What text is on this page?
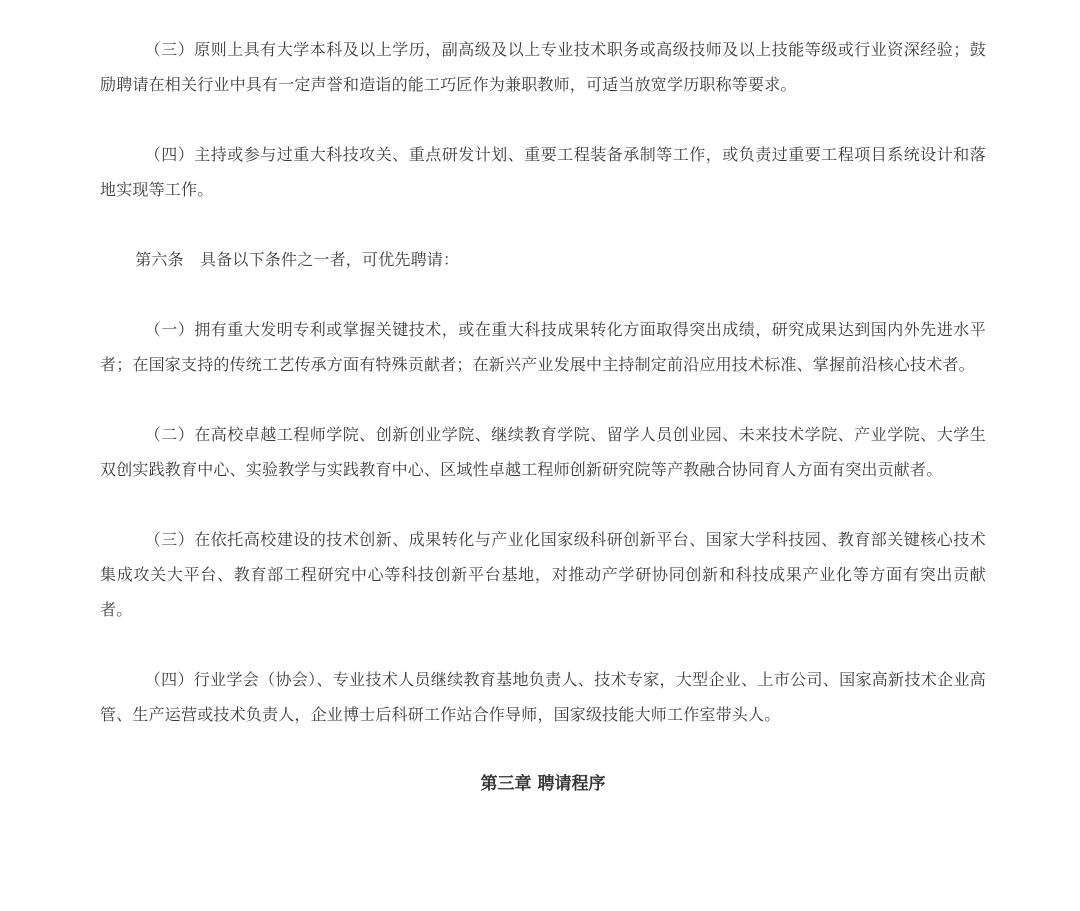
（三）原则上具有大学本科及以上学历，副高级及以上专业技术职务或高级技师及以上技能等级或行业资深经验；鼓励聘请在相关行业中具有一定声誉和造诣的能工巧匠作为兼职教师，可适当放宽学历职称等要求。

（四）主持或参与过重大科技攻关、重点研发计划、重要工程装备承制等工作，或负责过重要工程项目系统设计和落地实现等工作。

第六条　具备以下条件之一者，可优先聘请：

（一）拥有重大发明专利或掌握关键技术，或在重大科技成果转化方面取得突出成绩，研究成果达到国内外先进水平者；在国家支持的传统工艺传承方面有特殊贡献者；在新兴产业发展中主持制定前沿应用技术标准、掌握前沿核心技术者。

（二）在高校卓越工程师学院、创新创业学院、继续教育学院、留学人员创业园、未来技术学院、产业学院、大学生双创实践教育中心、实验教学与实践教育中心、区域性卓越工程师创新研究院等产教融合协同育人方面有突出贡献者。

（三）在依托高校建设的技术创新、成果转化与产业化国家级科研创新平台、国家大学科技园、教育部关键核心技术集成攻关大平台、教育部工程研究中心等科技创新平台基地，对推动产学研协同创新和科技成果产业化等方面有突出贡献者。

（四）行业学会（协会）、专业技术人员继续教育基地负责人、技术专家，大型企业、上市公司、国家高新技术企业高管、生产运营或技术负责人，企业博士后科研工作站合作导师，国家级技能大师工作室带头人。

第三章 聘请程序
